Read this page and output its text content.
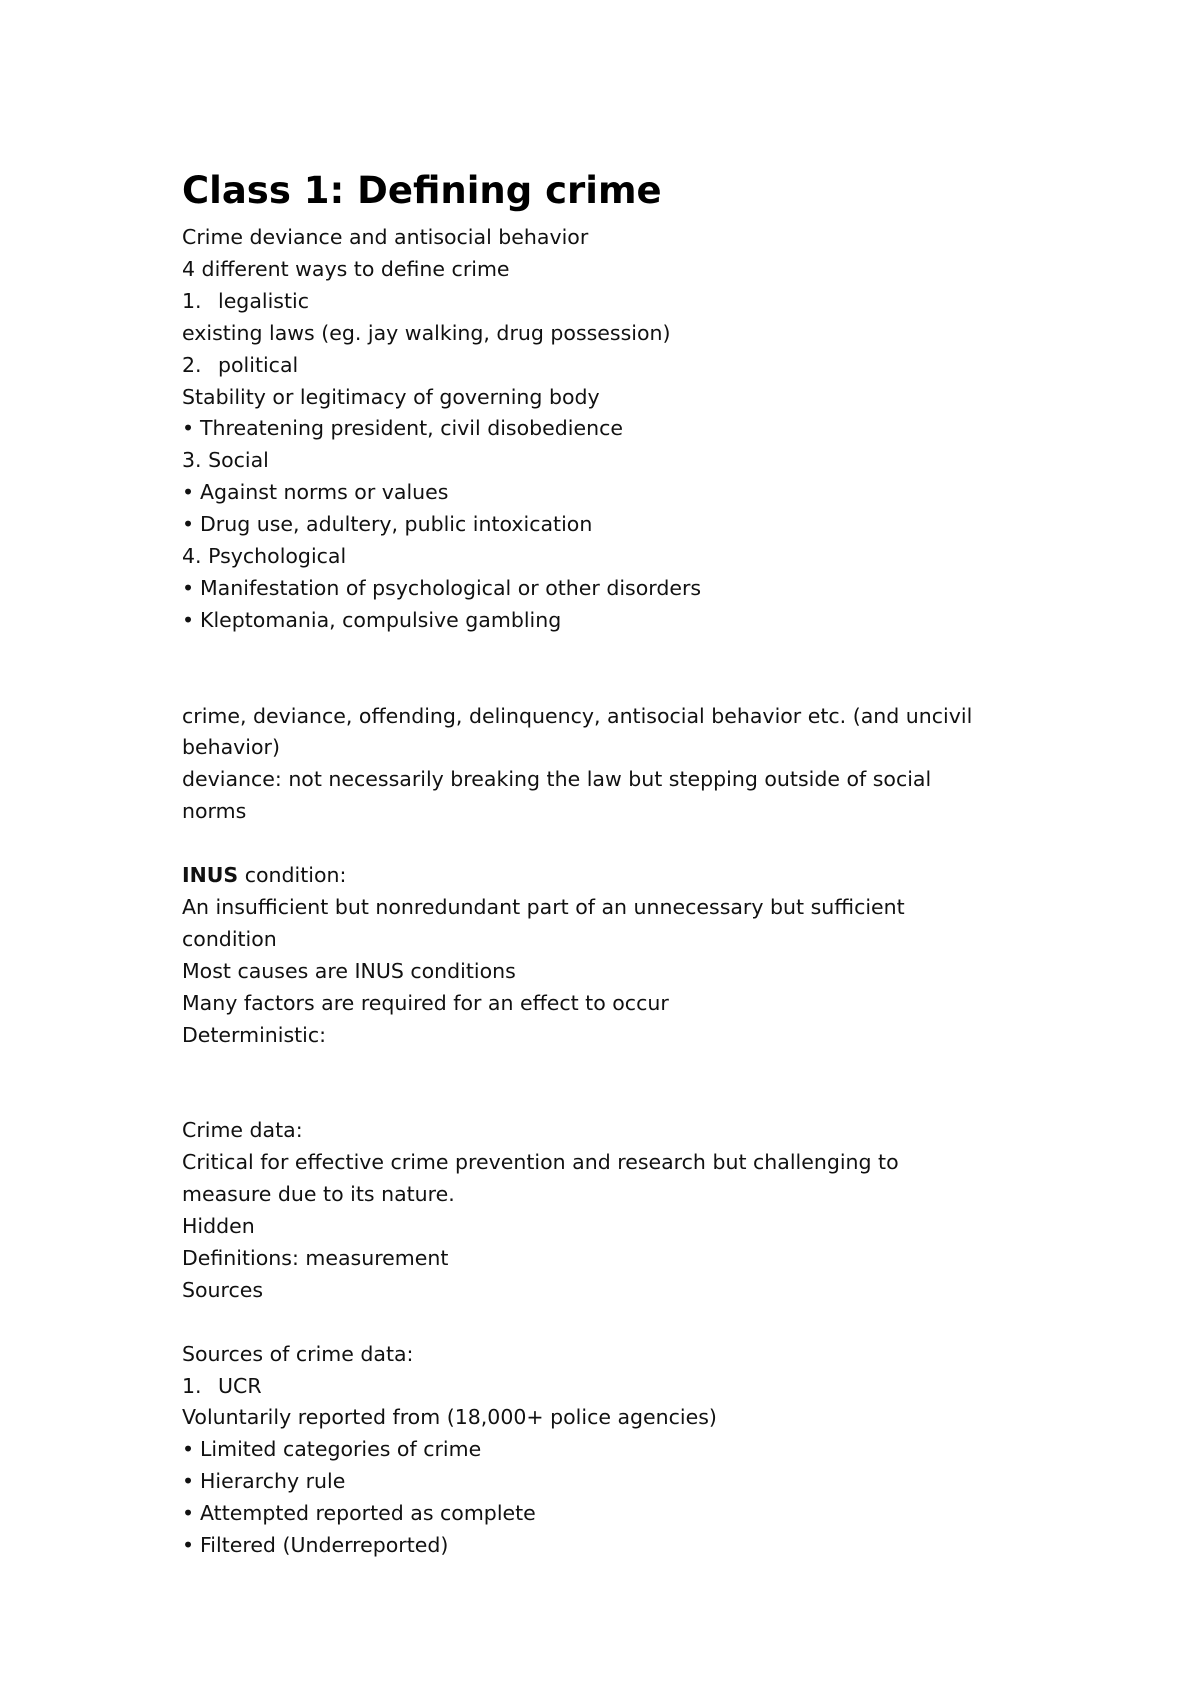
Class 1: Defining crime
Crime deviance and antisocial behavior
4 different ways to define crime
1. legalistic
existing laws (eg. jay walking, drug possession)
2. political
Stability or legitimacy of governing body
• Threatening president, civil disobedience
3. Social
• Against norms or values
• Drug use, adultery, public intoxication
4. Psychological
• Manifestation of psychological or other disorders
• Kleptomania, compulsive gambling
crime, deviance, offending, delinquency, antisocial behavior etc. (and uncivil
behavior)
deviance: not necessarily breaking the law but stepping outside of social
norms
INUS condition:
An insufficient but nonredundant part of an unnecessary but sufficient
condition
Most causes are INUS conditions
Many factors are required for an effect to occur
Deterministic:
Crime data:
Critical for effective crime prevention and research but challenging to
measure due to its nature.
Hidden
Definitions: measurement
Sources
Sources of crime data:
1. UCR
Voluntarily reported from (18,000+ police agencies)
• Limited categories of crime
• Hierarchy rule
• Attempted reported as complete
• Filtered (Underreported)
